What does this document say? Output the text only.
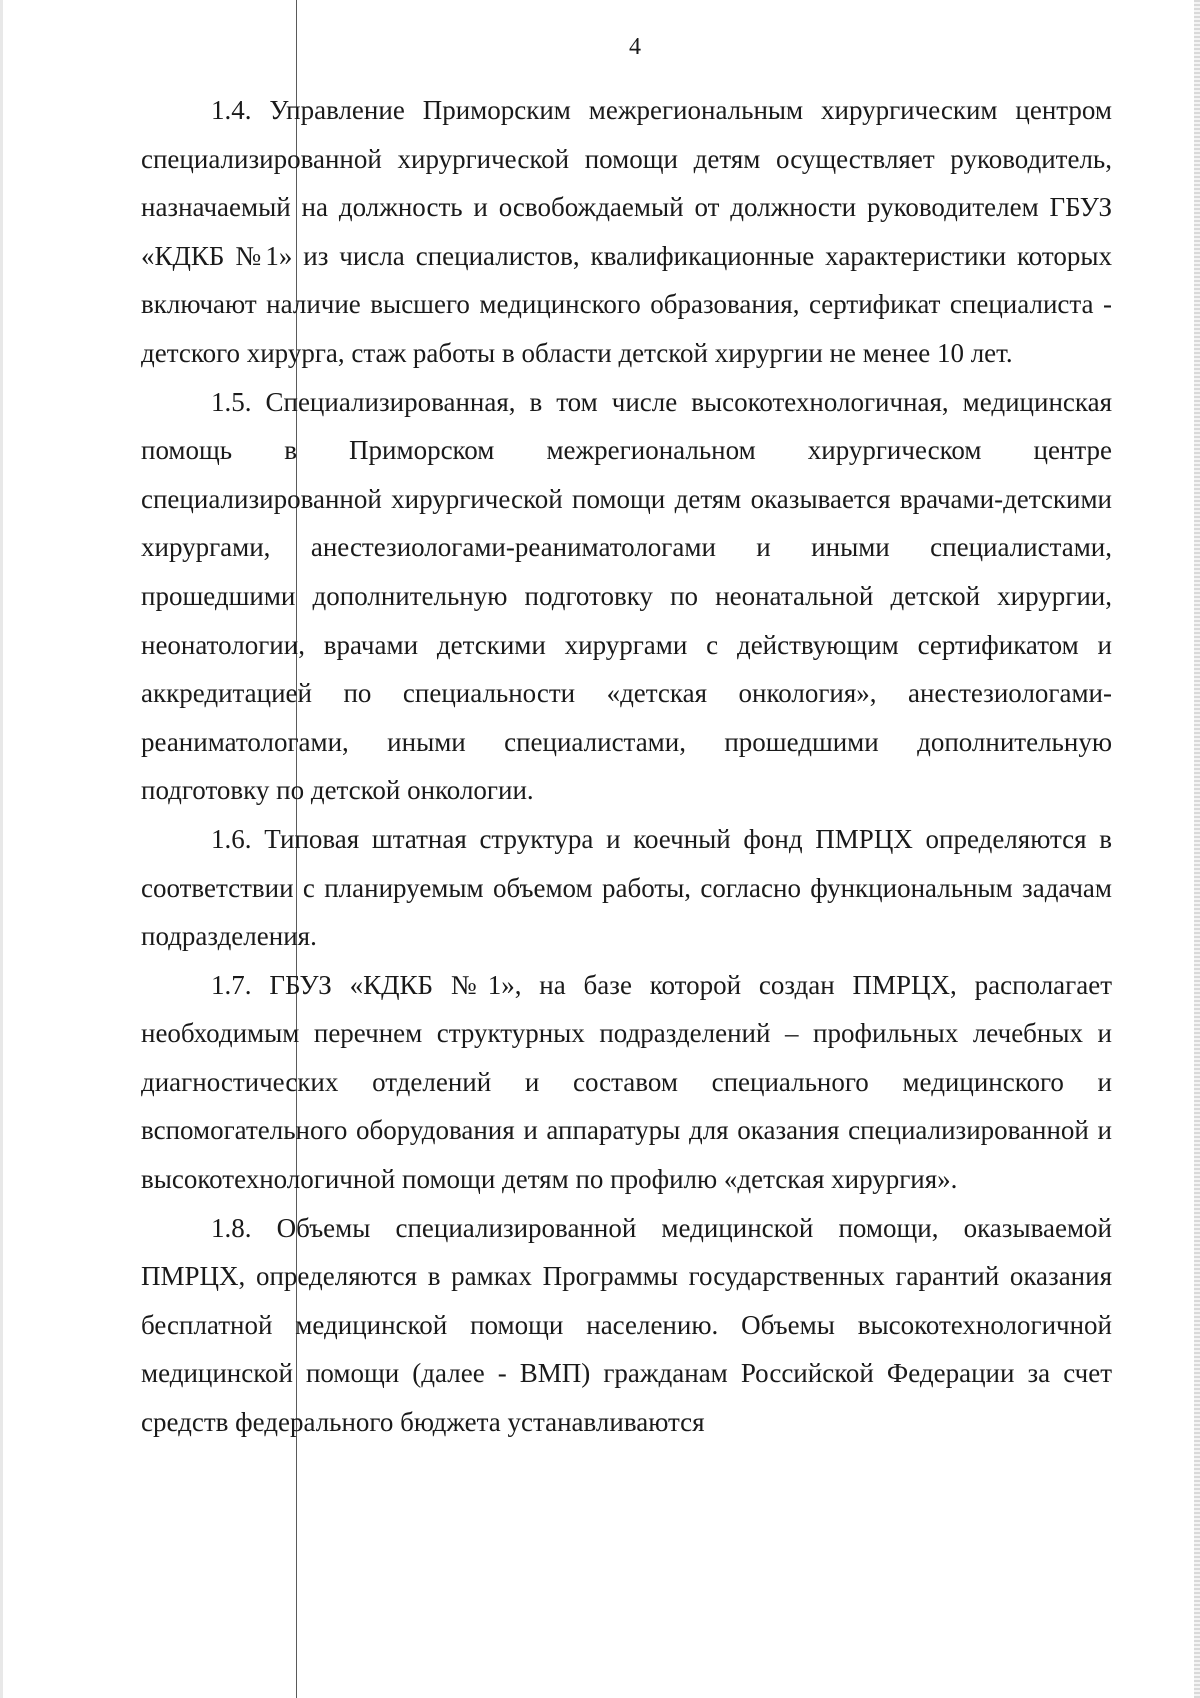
4

1.4. Управление Приморским межрегиональным хирургическим центром специализированной хирургической помощи детям осуществляет руководитель, назначаемый на должность и освобождаемый от должности руководителем ГБУЗ «КДКБ №1» из числа специалистов, квалификационные характеристики которых включают наличие высшего медицинского образования, сертификат специалиста - детского хирурга, стаж работы в области детской хирургии не менее 10 лет.

1.5. Специализированная, в том числе высокотехнологичная, медицинская помощь в Приморском межрегиональном хирургическом центре специализированной хирургической помощи детям оказывается врачами-детскими хирургами, анестезиологами-реаниматологами и иными специалистами, прошедшими дополнительную подготовку по неонатальной детской хирургии, неонатологии, врачами детскими хирургами с действующим сертификатом и аккредитацией по специальности «детская онкология», анестезиологами-реаниматологами, иными специалистами, прошедшими дополнительную подготовку по детской онкологии.

1.6. Типовая штатная структура и коечный фонд ПМРЦХ определяются в соответствии с планируемым объемом работы, согласно функциональным задачам подразделения.

1.7. ГБУЗ «КДКБ №1», на базе которой создан ПМРЦХ, располагает необходимым перечнем структурных подразделений – профильных лечебных и диагностических отделений и составом специального медицинского и вспомогательного оборудования и аппаратуры для оказания специализированной и высокотехнологичной помощи детям по профилю «детская хирургия».

1.8. Объемы специализированной медицинской помощи, оказываемой ПМРЦХ, определяются в рамках Программы государственных гарантий оказания бесплатной медицинской помощи населению. Объемы высокотехнологичной медицинской помощи (далее - ВМП) гражданам Российской Федерации за счет средств федерального бюджета устанавливаются
